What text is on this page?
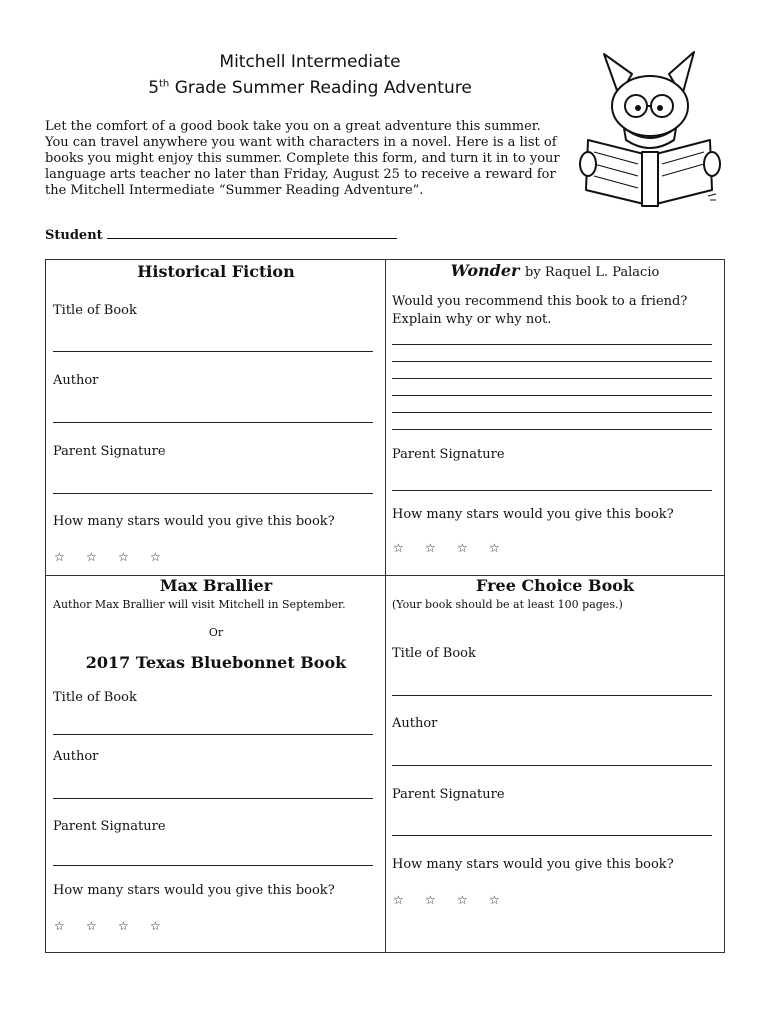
Mitchell Intermediate
5th Grade Summer Reading Adventure

Let the comfort of a good book take you on a great adventure this summer. You can travel anywhere you want with characters in a novel. Here is a list of books you might enjoy this summer. Complete this form, and turn it in to your language arts teacher no later than Friday, August 25 to receive a reward for the Mitchell Intermediate “Summer Reading Adventure”.

Student
Historical Fiction
Title of Book
Author
Parent Signature
How many stars would you give this book?
☆ ☆ ☆ ☆
Wonder by Raquel L. Palacio
Would you recommend this book to a friend?
Explain why or why not.
Parent Signature
How many stars would you give this book?
☆ ☆ ☆ ☆
Max Brallier
Author Max Brallier will visit Mitchell in September.
Or
2017 Texas Bluebonnet Book
Title of Book
Author
Parent Signature
How many stars would you give this book?
☆ ☆ ☆ ☆
Free Choice Book
(Your book should be at least 100 pages.)
Title of Book
Author
Parent Signature
How many stars would you give this book?
☆ ☆ ☆ ☆
